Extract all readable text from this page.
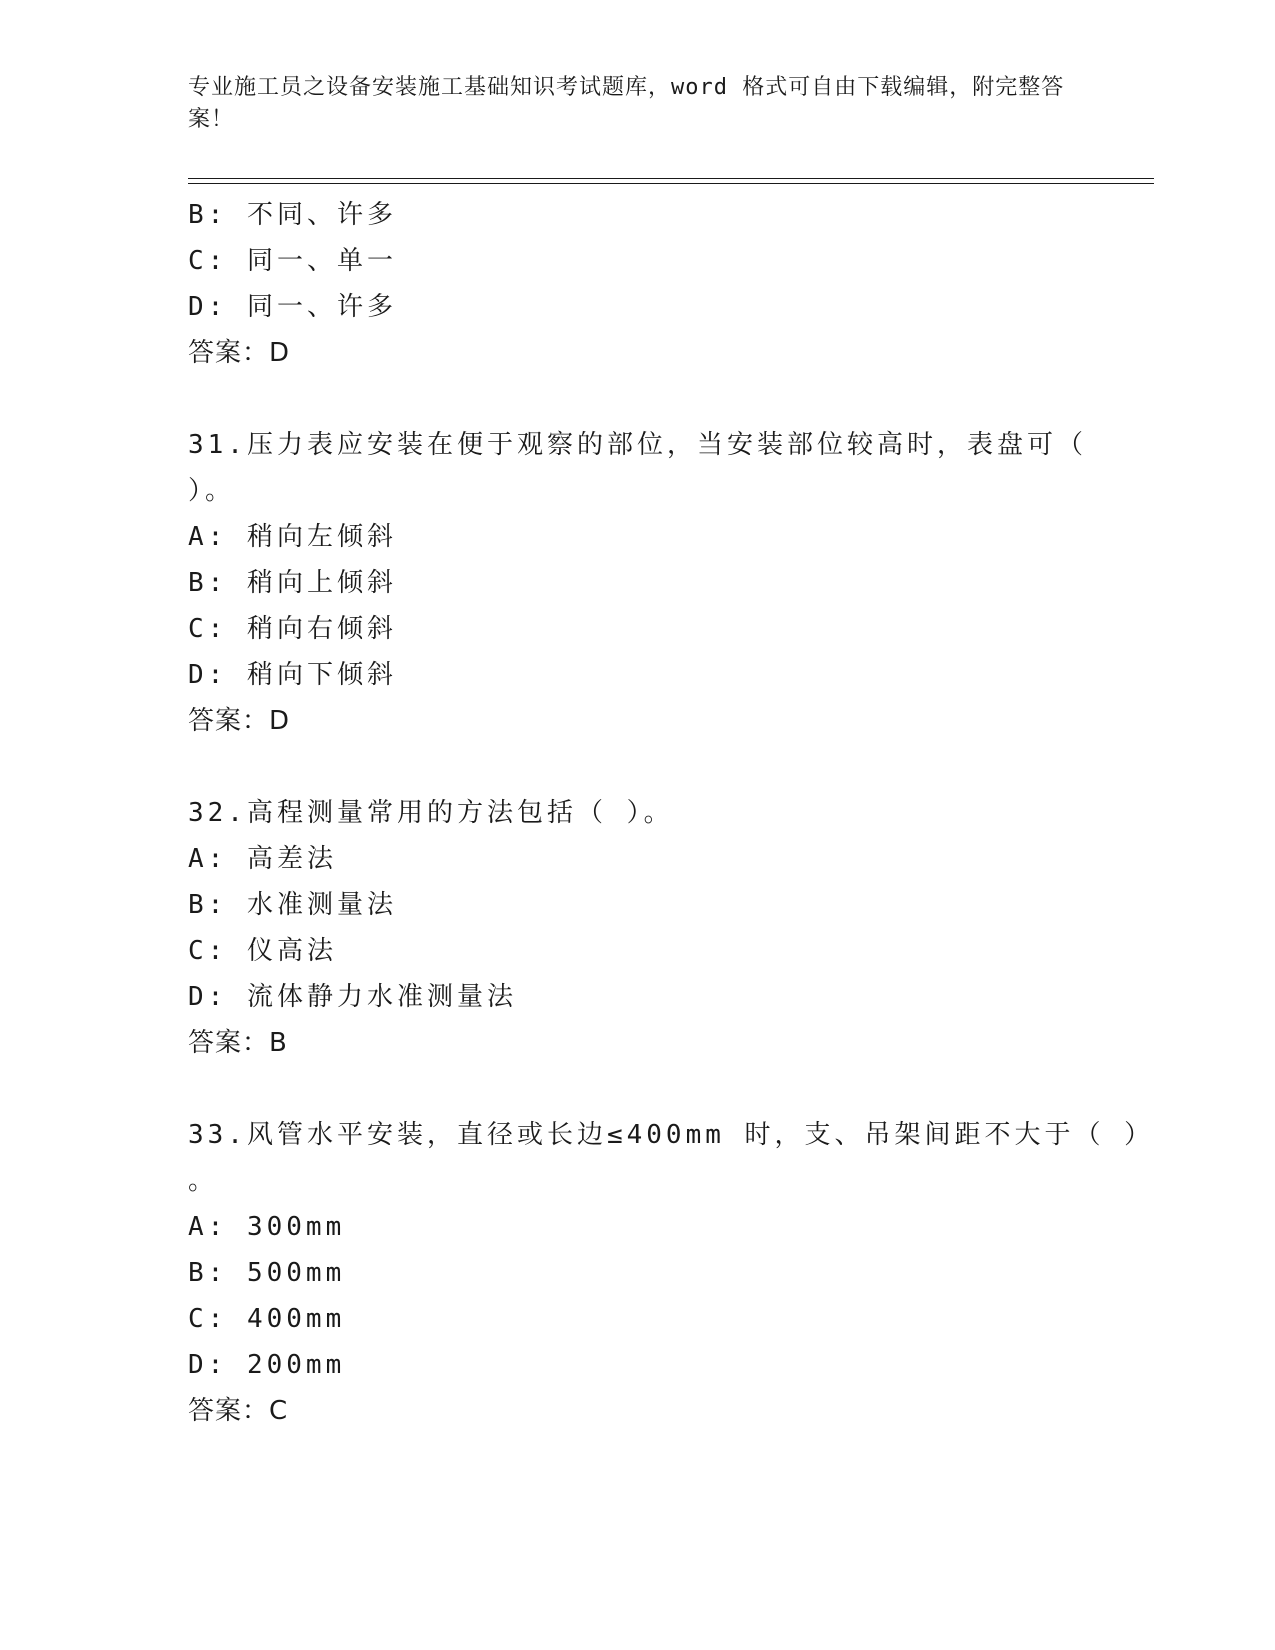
专业施工员之设备安装施工基础知识考试题库，word 格式可自由下载编辑，附完整答案！
B: 不同、许多
C: 同一、单一
D: 同一、许多
答案：D
31.压力表应安装在便于观察的部位，当安装部位较高时，表盘可（
）。
A: 稍向左倾斜
B: 稍向上倾斜
C: 稍向右倾斜
D: 稍向下倾斜
答案：D
32.高程测量常用的方法包括（ ）。
A: 高差法
B: 水准测量法
C: 仪高法
D: 流体静力水准测量法
答案：B
33.风管水平安装，直径或长边≤400mm 时，支、吊架间距不大于（ ）
。
A: 300mm
B: 500mm
C: 400mm
D: 200mm
答案：C
